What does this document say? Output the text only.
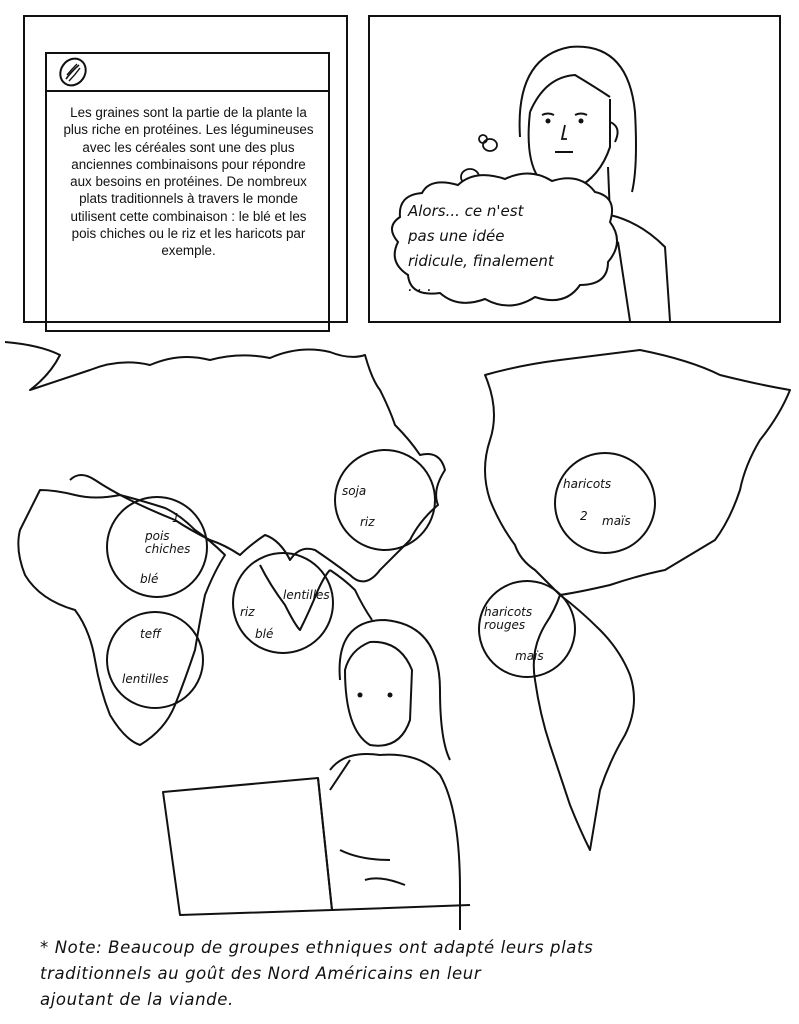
Les graines sont la partie de la plante la plus riche en protéines. Les légumineuses avec les céréales sont une des plus anciennes combinaisons pour répondre aux besoins en protéines. De nombreux plats traditionnels à travers le monde utilisent cette combinaison : le blé et les pois chiches ou le riz et les haricots par exemple.
Alors... ce n'est
pas une idée
ridicule, finalement
. . .
1
pois
chiches
blé
teff
lentilles
riz
lentilles
blé
soja
riz
haricots
2 maïs
haricots
rouges
maïs
* Note: Beaucoup de groupes ethniques ont adapté leurs plats
traditionnels au goût des Nord Américains en leur
ajoutant de la viande.
